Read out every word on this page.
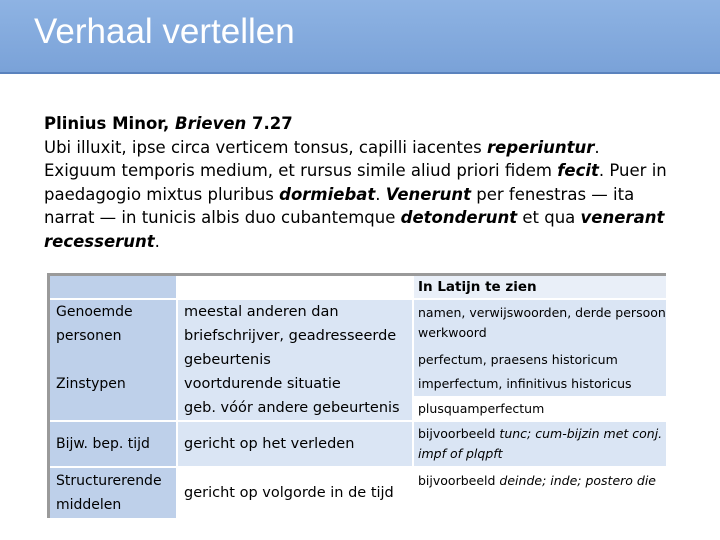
Verhaal vertellen
Plinius Minor, Brieven 7.27

Ubi illuxit, ipse circa verticem tonsus, capilli iacentes reperiuntur. Exiguum temporis medium, et rursus simile aliud priori fidem fecit. Puer in paedagogio mixtus pluribus dormiebat. Venerunt per fenestras — ita narrat — in tunicis albis duo cubantemque detonderunt et qua venerant recesserunt.

In Latijn te zien
Genoemde personen
meestal anderen dan briefschrijver, geadresseerde
namen, verwijswoorden, derde persoon werkwoord
Zinstypen
gebeurtenis
voortdurende situatie
geb. vóór andere gebeurtenis
perfectum, praesens historicum
imperfectum, infinitivus historicus
plusquamperfectum
Bijw. bep. tijd	gericht op het verleden
bijvoorbeeld tunc; cum-bijzin met conj. impf of plqpft
Structurerende middelen
gericht op volgorde in de tijd
bijvoorbeeld deinde; inde; postero die
